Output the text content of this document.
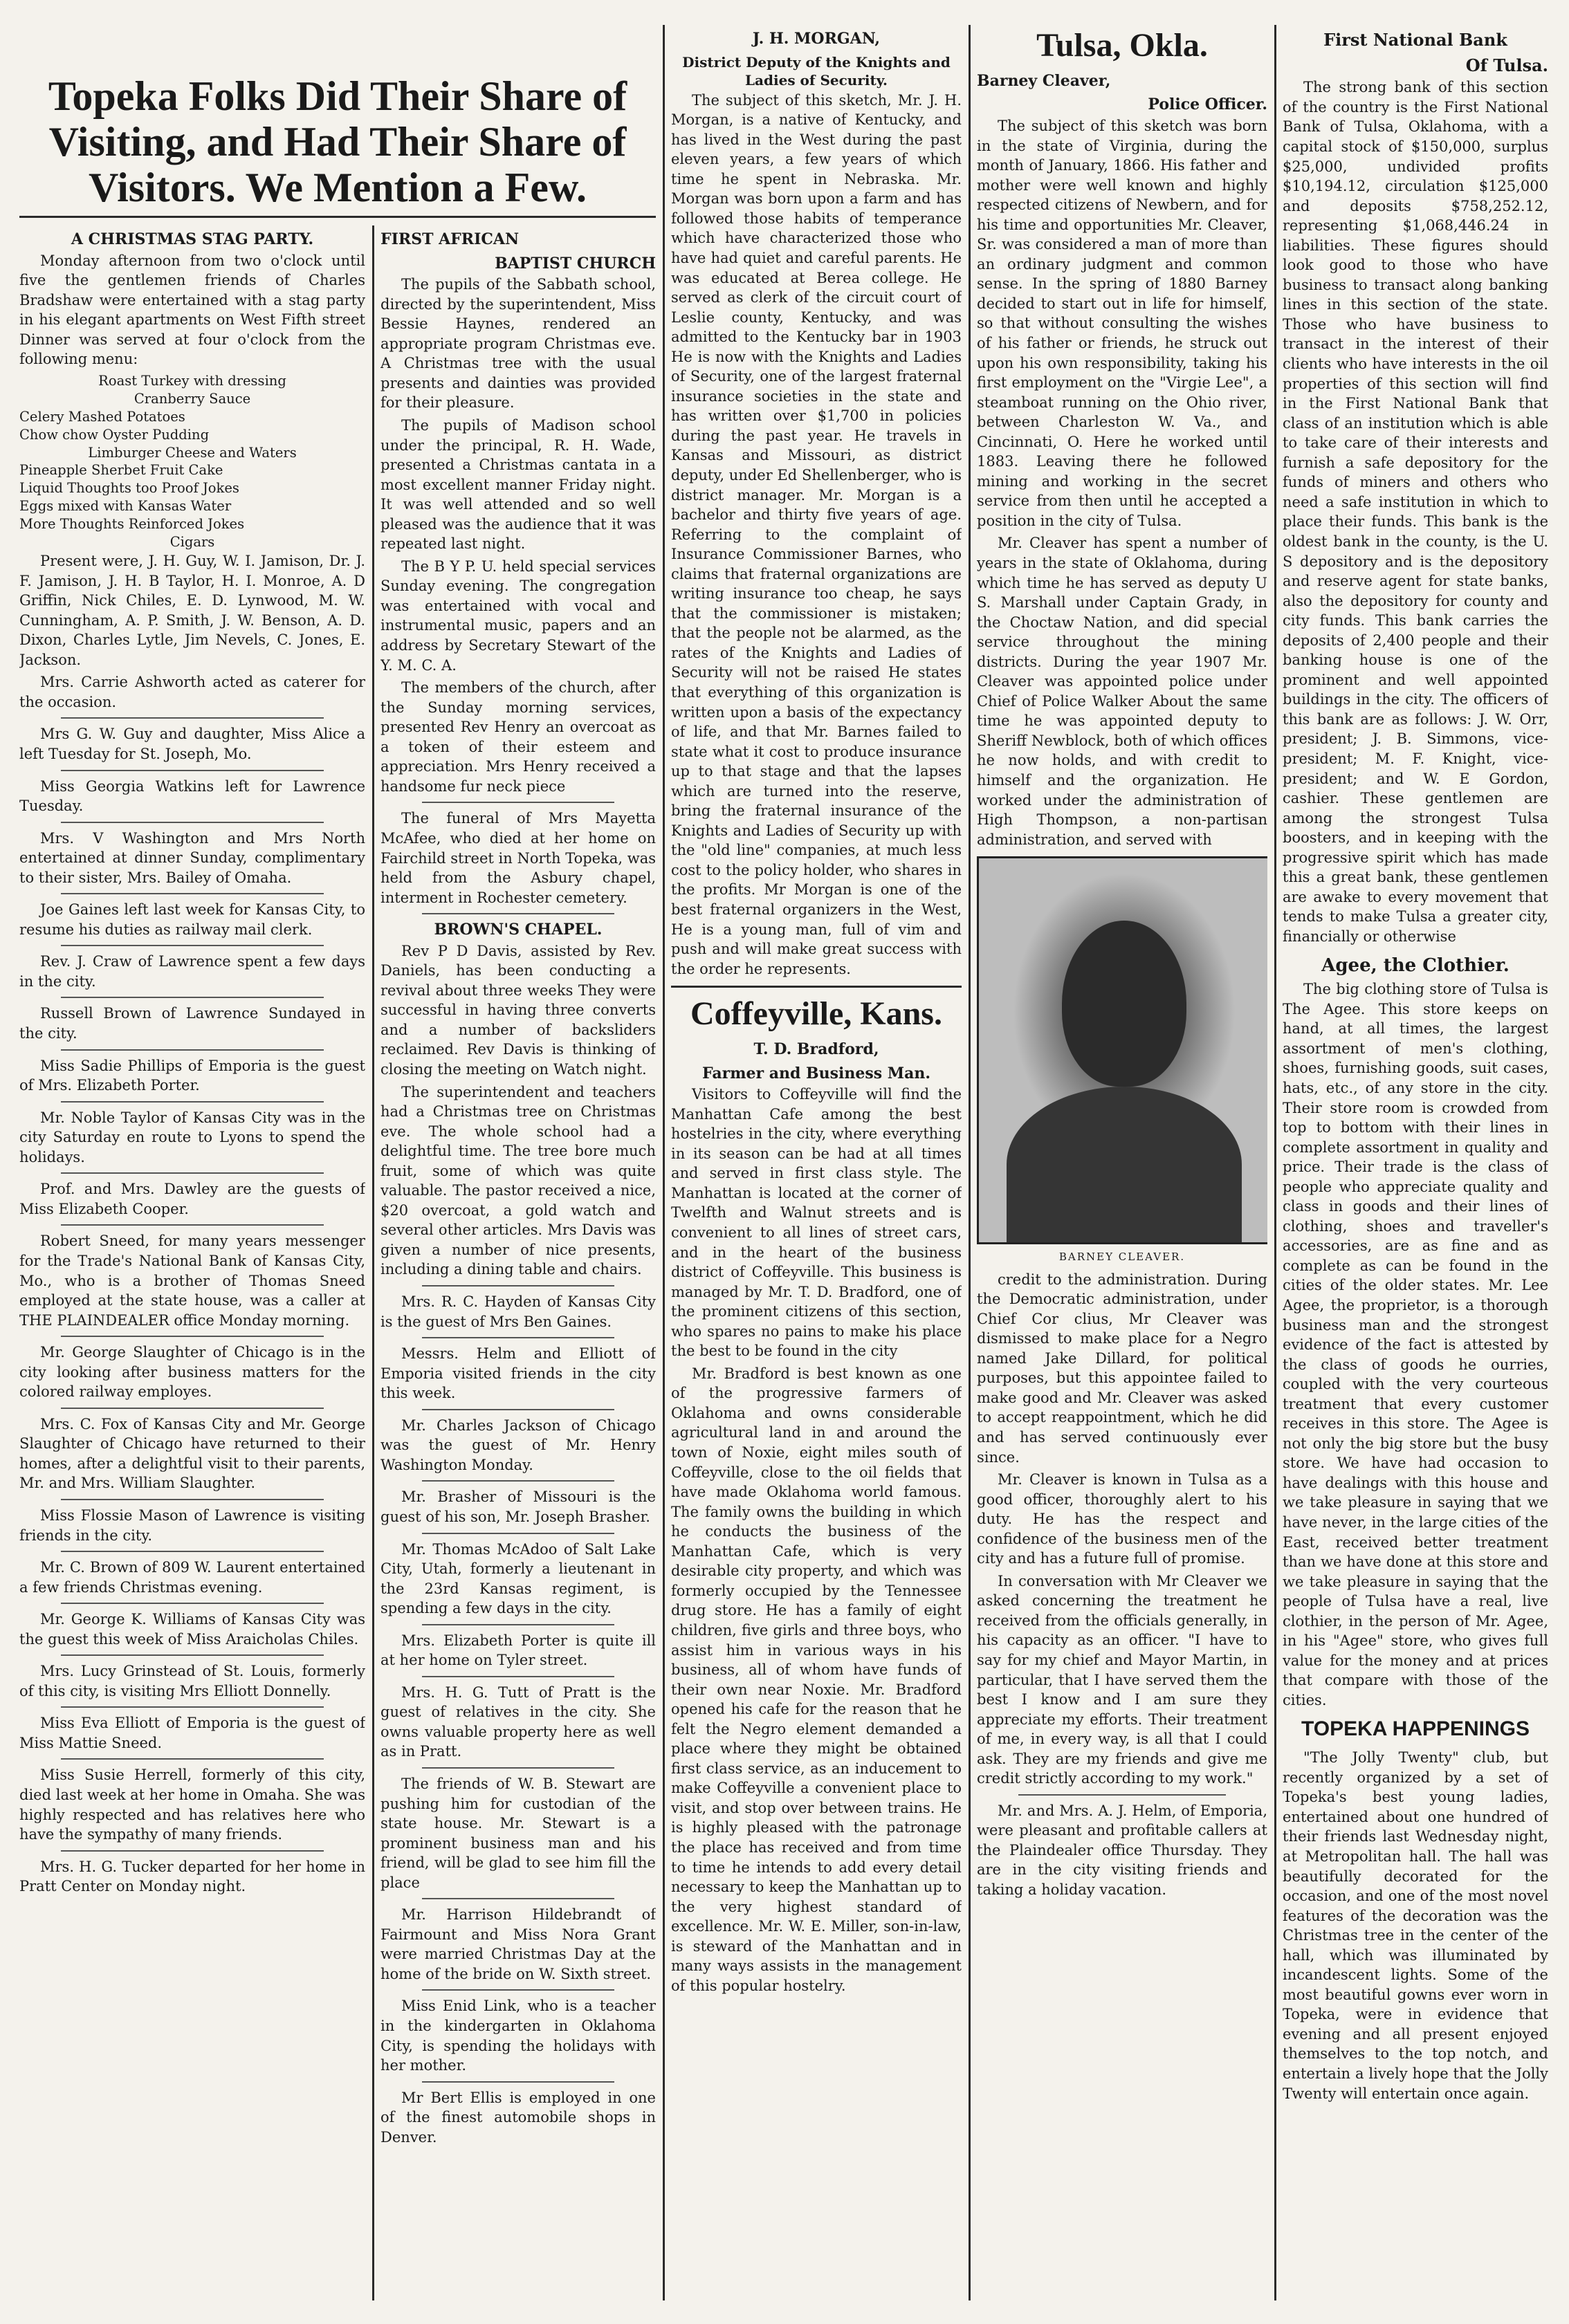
Topeka Folks Did Their Share of Visiting, and Had Their Share of Visitors. We Mention a Few.
A CHRISTMAS STAG PARTY.
Monday afternoon from two o'clock until five the gentlemen friends of Charles Bradshaw were entertained with a stag party in his elegant apartments on West Fifth street Dinner was served at four o'clock from the following menu:
Roast Turkey with dressing
Cranberry Sauce
Celery Mashed Potatoes
Chow chow Oyster Pudding
Limburger Cheese and Waters
Pineapple Sherbet Fruit Cake
Liquid Thoughts too Proof Jokes
Eggs mixed with Kansas Water
More Thoughts Reinforced Jokes
Cigars
Present were, J. H. Guy, W. I. Jamison, Dr. J. F. Jamison, J. H. B Taylor, H. I. Monroe, A. D Griffin, Nick Chiles, E. D. Lynwood, M. W. Cunningham, A. P. Smith, J. W. Benson, A. D. Dixon, Charles Lytle, Jim Nevels, C. Jones, E. Jackson.
Mrs. Carrie Ashworth acted as caterer for the occasion.
Mrs G. W. Guy and daughter, Miss Alice a left Tuesday for St. Joseph, Mo.
Miss Georgia Watkins left for Lawrence Tuesday.
Mrs. V Washington and Mrs North entertained at dinner Sunday, complimentary to their sister, Mrs. Bailey of Omaha.
Joe Gaines left last week for Kansas City, to resume his duties as railway mail clerk.
Rev. J. Craw of Lawrence spent a few days in the city.
Russell Brown of Lawrence Sundayed in the city.
Miss Sadie Phillips of Emporia is the guest of Mrs. Elizabeth Porter.
Mr. Noble Taylor of Kansas City was in the city Saturday en route to Lyons to spend the holidays.
Prof. and Mrs. Dawley are the guests of Miss Elizabeth Cooper.
Robert Sneed, for many years messenger for the Trade's National Bank of Kansas City, Mo., who is a brother of Thomas Sneed employed at the state house, was a caller at THE PLAINDEALER office Monday morning.
Mr. George Slaughter of Chicago is in the city looking after business matters for the colored railway employes.
Mrs. C. Fox of Kansas City and Mr. George Slaughter of Chicago have returned to their homes, after a delightful visit to their parents, Mr. and Mrs. William Slaughter.
Miss Flossie Mason of Lawrence is visiting friends in the city.
Mr. C. Brown of 809 W. Laurent entertained a few friends Christmas evening.
Mr. George K. Williams of Kansas City was the guest this week of Miss Araicholas Chiles.
Mrs. Lucy Grinstead of St. Louis, formerly of this city, is visiting Mrs Elliott Donnelly.
Miss Eva Elliott of Emporia is the guest of Miss Mattie Sneed.
Miss Susie Herrell, formerly of this city, died last week at her home in Omaha. She was highly respected and has relatives here who have the sympathy of many friends.
Mrs. H. G. Tucker departed for her home in Pratt Center on Monday night.
FIRST AFRICAN
BAPTIST CHURCH
The pupils of the Sabbath school, directed by the superintendent, Miss Bessie Haynes, rendered an appropriate program Christmas eve. A Christmas tree with the usual presents and dainties was provided for their pleasure.
The pupils of Madison school under the principal, R. H. Wade, presented a Christmas cantata in a most excellent manner Friday night. It was well attended and so well pleased was the audience that it was repeated last night.
The B Y P. U. held special services Sunday evening. The congregation was entertained with vocal and instrumental music, papers and an address by Secretary Stewart of the Y. M. C. A.
The members of the church, after the Sunday morning services, presented Rev Henry an overcoat as a token of their esteem and appreciation. Mrs Henry received a handsome fur neck piece
The funeral of Mrs Mayetta McAfee, who died at her home on Fairchild street in North Topeka, was held from the Asbury chapel, interment in Rochester cemetery.
BROWN'S CHAPEL.
Rev P D Davis, assisted by Rev. Daniels, has been conducting a revival about three weeks They were successful in having three converts and a number of backsliders reclaimed. Rev Davis is thinking of closing the meeting on Watch night.
The superintendent and teachers had a Christmas tree on Christmas eve. The whole school had a delightful time. The tree bore much fruit, some of which was quite valuable. The pastor received a nice, $20 overcoat, a gold watch and several other articles. Mrs Davis was given a number of nice presents, including a dining table and chairs.
Mrs. R. C. Hayden of Kansas City is the guest of Mrs Ben Gaines.
Messrs. Helm and Elliott of Emporia visited friends in the city this week.
Mr. Charles Jackson of Chicago was the guest of Mr. Henry Washington Monday.
Mr. Brasher of Missouri is the guest of his son, Mr. Joseph Brasher.
Mr. Thomas McAdoo of Salt Lake City, Utah, formerly a lieutenant in the 23rd Kansas regiment, is spending a few days in the city.
Mrs. Elizabeth Porter is quite ill at her home on Tyler street.
Mrs. H. G. Tutt of Pratt is the guest of relatives in the city. She owns valuable property here as well as in Pratt.
The friends of W. B. Stewart are pushing him for custodian of the state house. Mr. Stewart is a prominent business man and his friend, will be glad to see him fill the place
Mr. Harrison Hildebrandt of Fairmount and Miss Nora Grant were married Christmas Day at the home of the bride on W. Sixth street.
Miss Enid Link, who is a teacher in the kindergarten in Oklahoma City, is spending the holidays with her mother.
Mr Bert Ellis is employed in one of the finest automobile shops in Denver.
J. H. MORGAN,
District Deputy of the Knights and Ladies of Security.
The subject of this sketch, Mr. J. H. Morgan, is a native of Kentucky, and has lived in the West during the past eleven years, a few years of which time he spent in Nebraska. Mr. Morgan was born upon a farm and has followed those habits of temperance which have characterized those who have had quiet and careful parents. He was educated at Berea college. He served as clerk of the circuit court of Leslie county, Kentucky, and was admitted to the Kentucky bar in 1903 He is now with the Knights and Ladies of Security, one of the largest fraternal insurance societies in the state and has written over $1,700 in policies during the past year. He travels in Kansas and Missouri, as district deputy, under Ed Shellenberger, who is district manager. Mr. Morgan is a bachelor and thirty five years of age. Referring to the complaint of Insurance Commissioner Barnes, who claims that fraternal organizations are writing insurance too cheap, he says that the commissioner is mistaken; that the people not be alarmed, as the rates of the Knights and Ladies of Security will not be raised He states that everything of this organization is written upon a basis of the expectancy of life, and that Mr. Barnes failed to state what it cost to produce insurance up to that stage and that the lapses which are turned into the reserve, bring the fraternal insurance of the Knights and Ladies of Security up with the "old line" companies, at much less cost to the policy holder, who shares in the profits. Mr Morgan is one of the best fraternal organizers in the West, He is a young man, full of vim and push and will make great success with the order he represents.
Coffeyville, Kans.
T. D. Bradford,
Farmer and Business Man.
Visitors to Coffeyville will find the Manhattan Cafe among the best hostelries in the city, where everything in its season can be had at all times and served in first class style. The Manhattan is located at the corner of Twelfth and Walnut streets and is convenient to all lines of street cars, and in the heart of the business district of Coffeyville. This business is managed by Mr. T. D. Bradford, one of the prominent citizens of this section, who spares no pains to make his place the best to be found in the city
Mr. Bradford is best known as one of the progressive farmers of Oklahoma and owns considerable agricultural land in and around the town of Noxie, eight miles south of Coffeyville, close to the oil fields that have made Oklahoma world famous. The family owns the building in which he conducts the business of the Manhattan Cafe, which is very desirable city property, and which was formerly occupied by the Tennessee drug store. He has a family of eight children, five girls and three boys, who assist him in various ways in his business, all of whom have funds of their own near Noxie. Mr. Bradford opened his cafe for the reason that he felt the Negro element demanded a place where they might be obtained first class service, as an inducement to make Coffeyville a convenient place to visit, and stop over between trains. He is highly pleased with the patronage the place has received and from time to time he intends to add every detail necessary to keep the Manhattan up to the very highest standard of excellence. Mr. W. E. Miller, son-in-law, is steward of the Manhattan and in many ways assists in the management of this popular hostelry.
Tulsa, Okla.
Barney Cleaver,
Police Officer.
The subject of this sketch was born in the state of Virginia, during the month of January, 1866. His father and mother were well known and highly respected citizens of Newbern, and for his time and opportunities Mr. Cleaver, Sr. was considered a man of more than an ordinary judgment and common sense. In the spring of 1880 Barney decided to start out in life for himself, so that without consulting the wishes of his father or friends, he struck out upon his own responsibility, taking his first employment on the "Virgie Lee", a steamboat running on the Ohio river, between Charleston W. Va., and Cincinnati, O. Here he worked until 1883. Leaving there he followed mining and working in the secret service from then until he accepted a position in the city of Tulsa.
Mr. Cleaver has spent a number of years in the state of Oklahoma, during which time he has served as deputy U S. Marshall under Captain Grady, in the Choctaw Nation, and did special service throughout the mining districts. During the year 1907 Mr. Cleaver was appointed police under Chief of Police Walker About the same time he was appointed deputy to Sheriff Newblock, both of which offices he now holds, and with credit to himself and the organization. He worked under the administration of High Thompson, a non-partisan administration, and served with
BARNEY CLEAVER.
credit to the administration. During the Democratic administration, under Chief Cor clius, Mr Cleaver was dismissed to make place for a Negro named Jake Dillard, for political purposes, but this appointee failed to make good and Mr. Cleaver was asked to accept reappointment, which he did and has served continuously ever since.
Mr. Cleaver is known in Tulsa as a good officer, thoroughly alert to his duty. He has the respect and confidence of the business men of the city and has a future full of promise.
In conversation with Mr Cleaver we asked concerning the treatment he received from the officials generally, in his capacity as an officer. "I have to say for my chief and Mayor Martin, in particular, that I have served them the best I know and I am sure they appreciate my efforts. Their treatment of me, in every way, is all that I could ask. They are my friends and give me credit strictly according to my work."
Mr. and Mrs. A. J. Helm, of Emporia, were pleasant and profitable callers at the Plaindealer office Thursday. They are in the city visiting friends and taking a holiday vacation.
First National Bank
Of Tulsa.
The strong bank of this section of the country is the First National Bank of Tulsa, Oklahoma, with a capital stock of $150,000, surplus $25,000, undivided profits $10,194.12, circulation $125,000 and deposits $758,252.12, representing $1,068,446.24 in liabilities. These figures should look good to those who have business to transact along banking lines in this section of the state. Those who have business to transact in the interest of their clients who have interests in the oil properties of this section will find in the First National Bank that class of an institution which is able to take care of their interests and furnish a safe depository for the funds of miners and others who need a safe institution in which to place their funds. This bank is the oldest bank in the county, is the U. S depository and is the depository and reserve agent for state banks, also the depository for county and city funds. This bank carries the deposits of 2,400 people and their banking house is one of the prominent and well appointed buildings in the city. The officers of this bank are as follows: J. W. Orr, president; J. B. Simmons, vice-president; M. F. Knight, vice-president; and W. E Gordon, cashier. These gentlemen are among the strongest Tulsa boosters, and in keeping with the progressive spirit which has made this a great bank, these gentlemen are awake to every movement that tends to make Tulsa a greater city, financially or otherwise
Agee, the Clothier.
The big clothing store of Tulsa is The Agee. This store keeps on hand, at all times, the largest assortment of men's clothing, shoes, furnishing goods, suit cases, hats, etc., of any store in the city. Their store room is crowded from top to bottom with their lines in complete assortment in quality and price. Their trade is the class of people who appreciate quality and class in goods and their lines of clothing, shoes and traveller's accessories, are as fine and as complete as can be found in the cities of the older states. Mr. Lee Agee, the proprietor, is a thorough business man and the strongest evidence of the fact is attested by the class of goods he ourries, coupled with the very courteous treatment that every customer receives in this store. The Agee is not only the big store but the busy store. We have had occasion to have dealings with this house and we take pleasure in saying that we have never, in the large cities of the East, received better treatment than we have done at this store and we take pleasure in saying that the people of Tulsa have a real, live clothier, in the person of Mr. Agee, in his "Agee" store, who gives full value for the money and at prices that compare with those of the cities.
TOPEKA HAPPENINGS
"The Jolly Twenty" club, but recently organized by a set of Topeka's best young ladies, entertained about one hundred of their friends last Wednesday night, at Metropolitan hall. The hall was beautifully decorated for the occasion, and one of the most novel features of the decoration was the Christmas tree in the center of the hall, which was illuminated by incandescent lights. Some of the most beautiful gowns ever worn in Topeka, were in evidence that evening and all present enjoyed themselves to the top notch, and entertain a lively hope that the Jolly Twenty will entertain once again.
